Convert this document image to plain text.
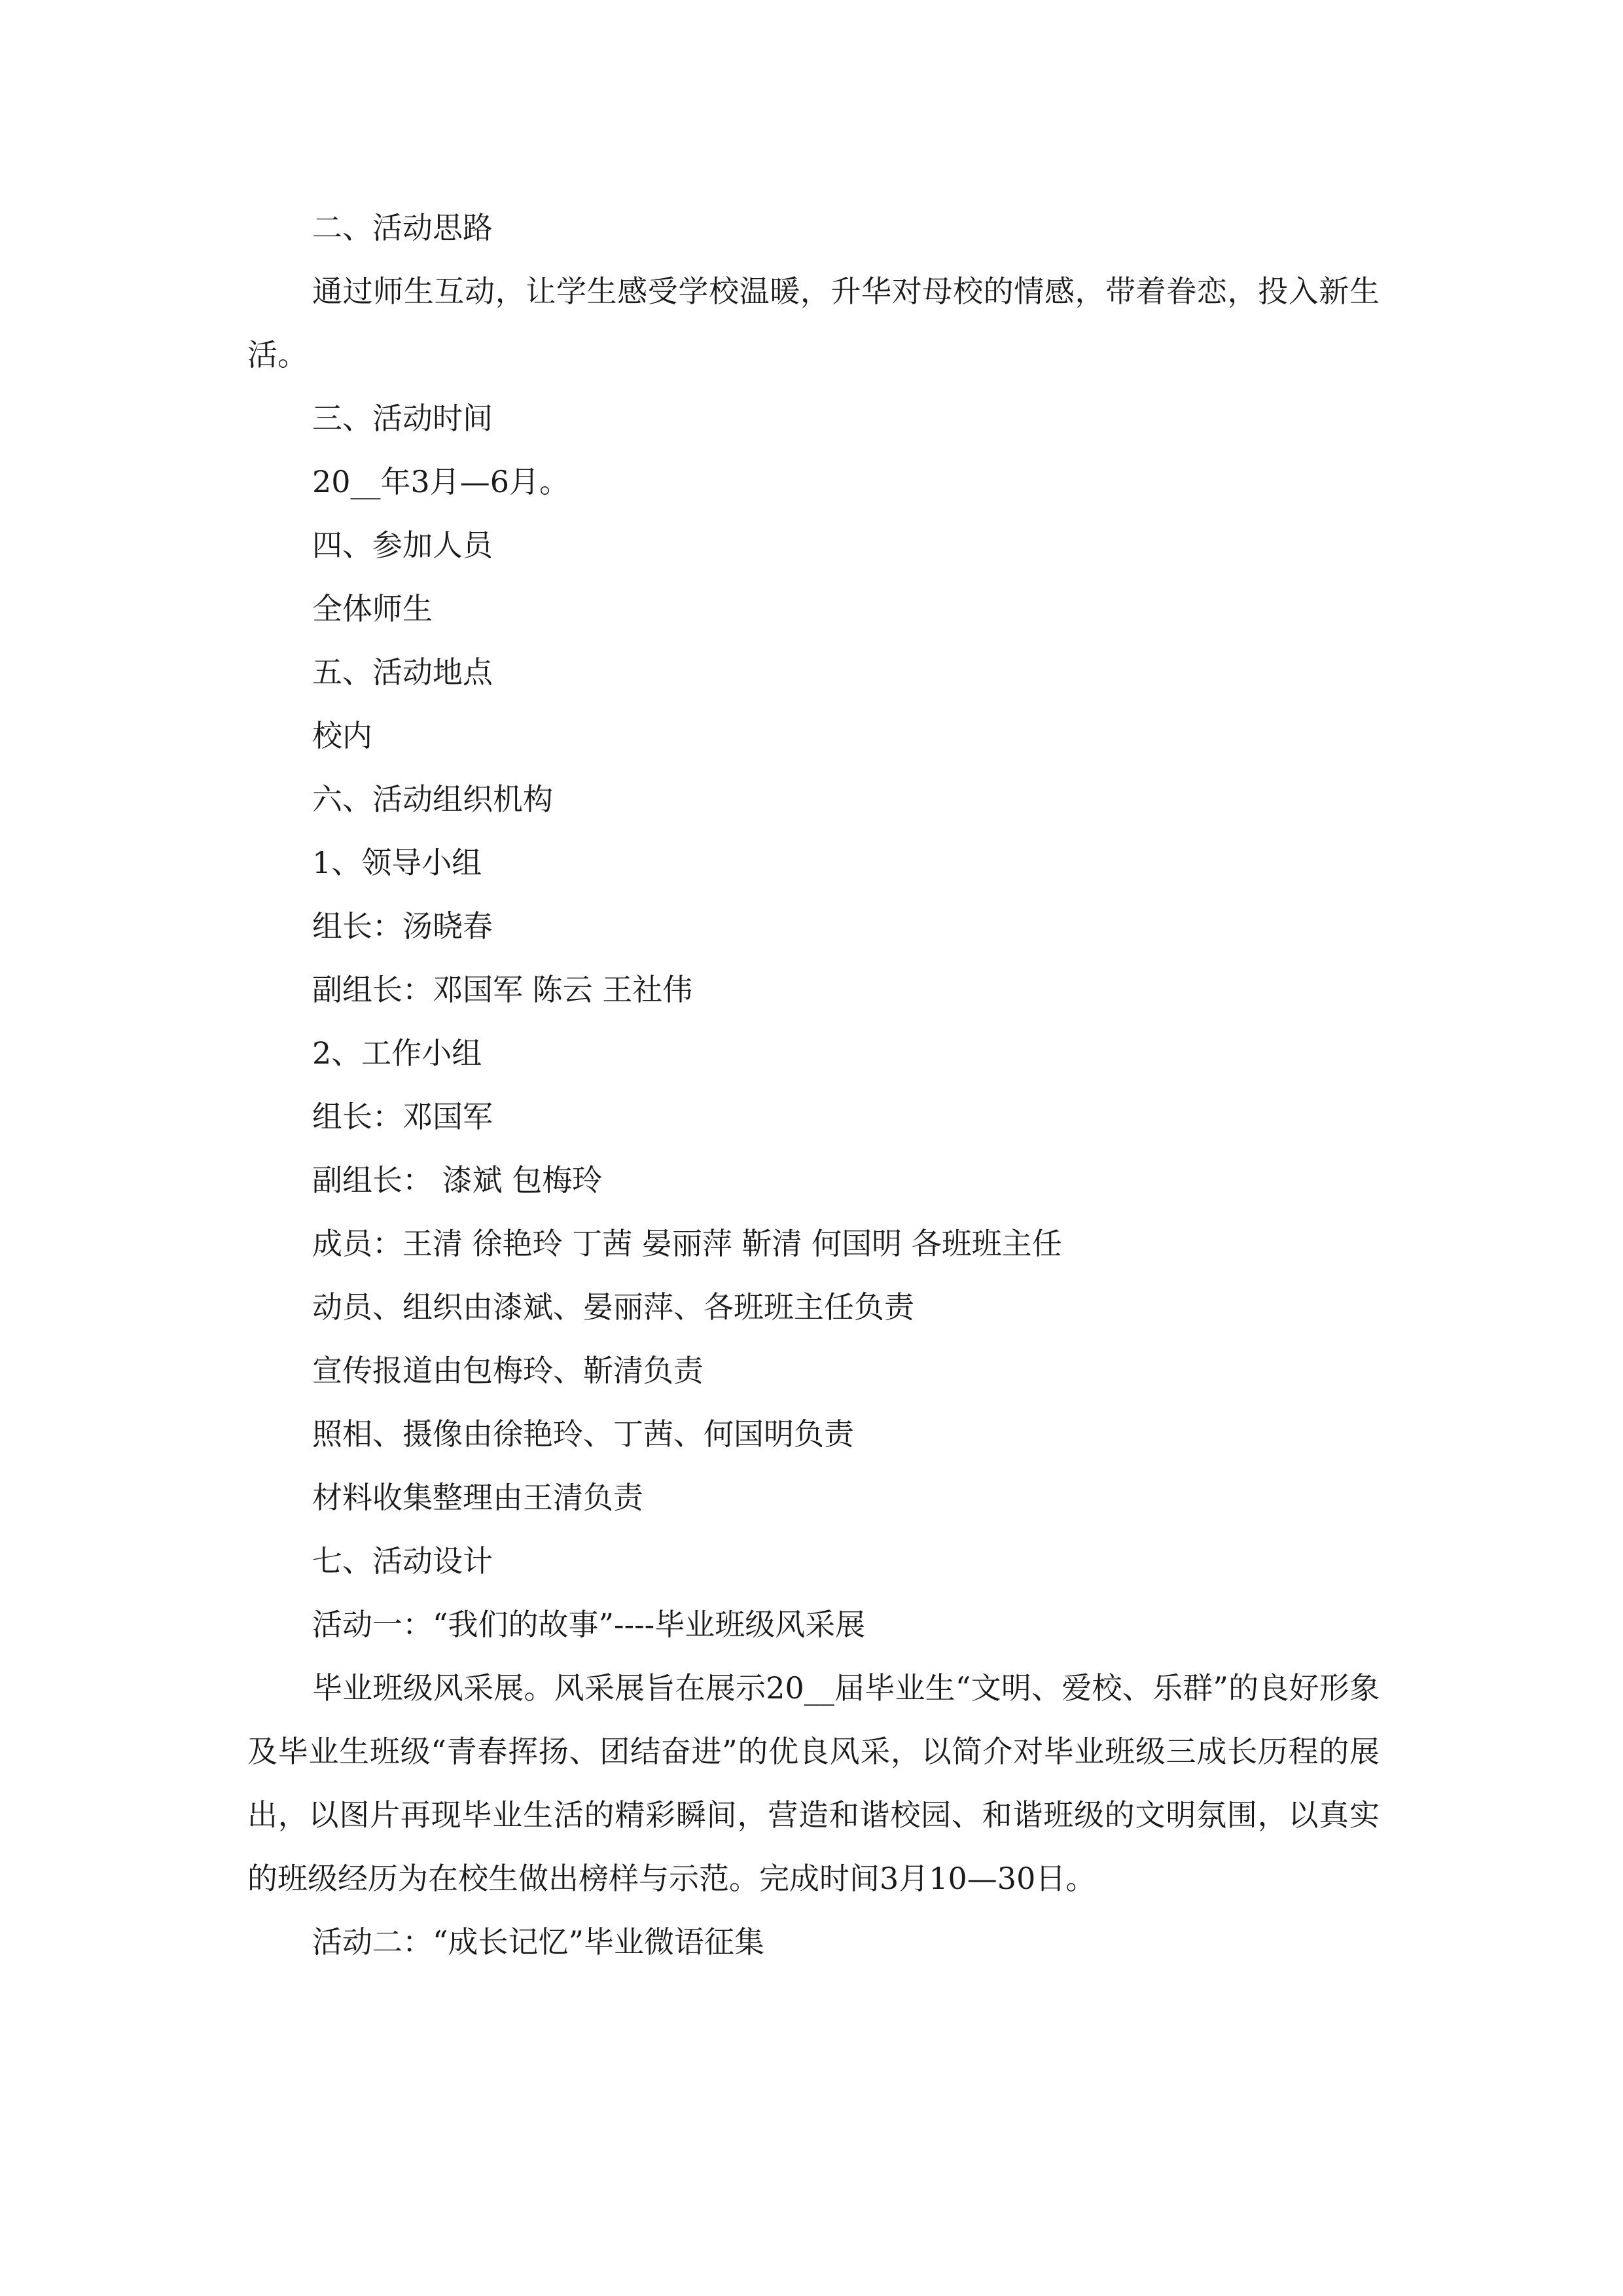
二、活动思路

通过师生互动，让学生感受学校温暖，升华对母校的情感，带着眷恋，投入新生活。

三、活动时间

20__年3月—6月。

四、参加人员

全体师生

五、活动地点

校内

六、活动组织机构

1、领导小组

组长：汤晓春

副组长：邓国军 陈云 王社伟

2、工作小组

组长：邓国军

副组长： 漆斌 包梅玲

成员：王清 徐艳玲 丁茜 晏丽萍 靳清 何国明 各班班主任

动员、组织由漆斌、晏丽萍、各班班主任负责

宣传报道由包梅玲、靳清负责

照相、摄像由徐艳玲、丁茜、何国明负责

材料收集整理由王清负责

七、活动设计

活动一：“我们的故事”----毕业班级风采展

毕业班级风采展。风采展旨在展示20__届毕业生“文明、爱校、乐群”的良好形象及毕业生班级“青春挥扬、团结奋进”的优良风采，以简介对毕业班级三成长历程的展出，以图片再现毕业生活的精彩瞬间，营造和谐校园、和谐班级的文明氛围，以真实的班级经历为在校生做出榜样与示范。完成时间3月10—30日。

活动二：“成长记忆”毕业微语征集
